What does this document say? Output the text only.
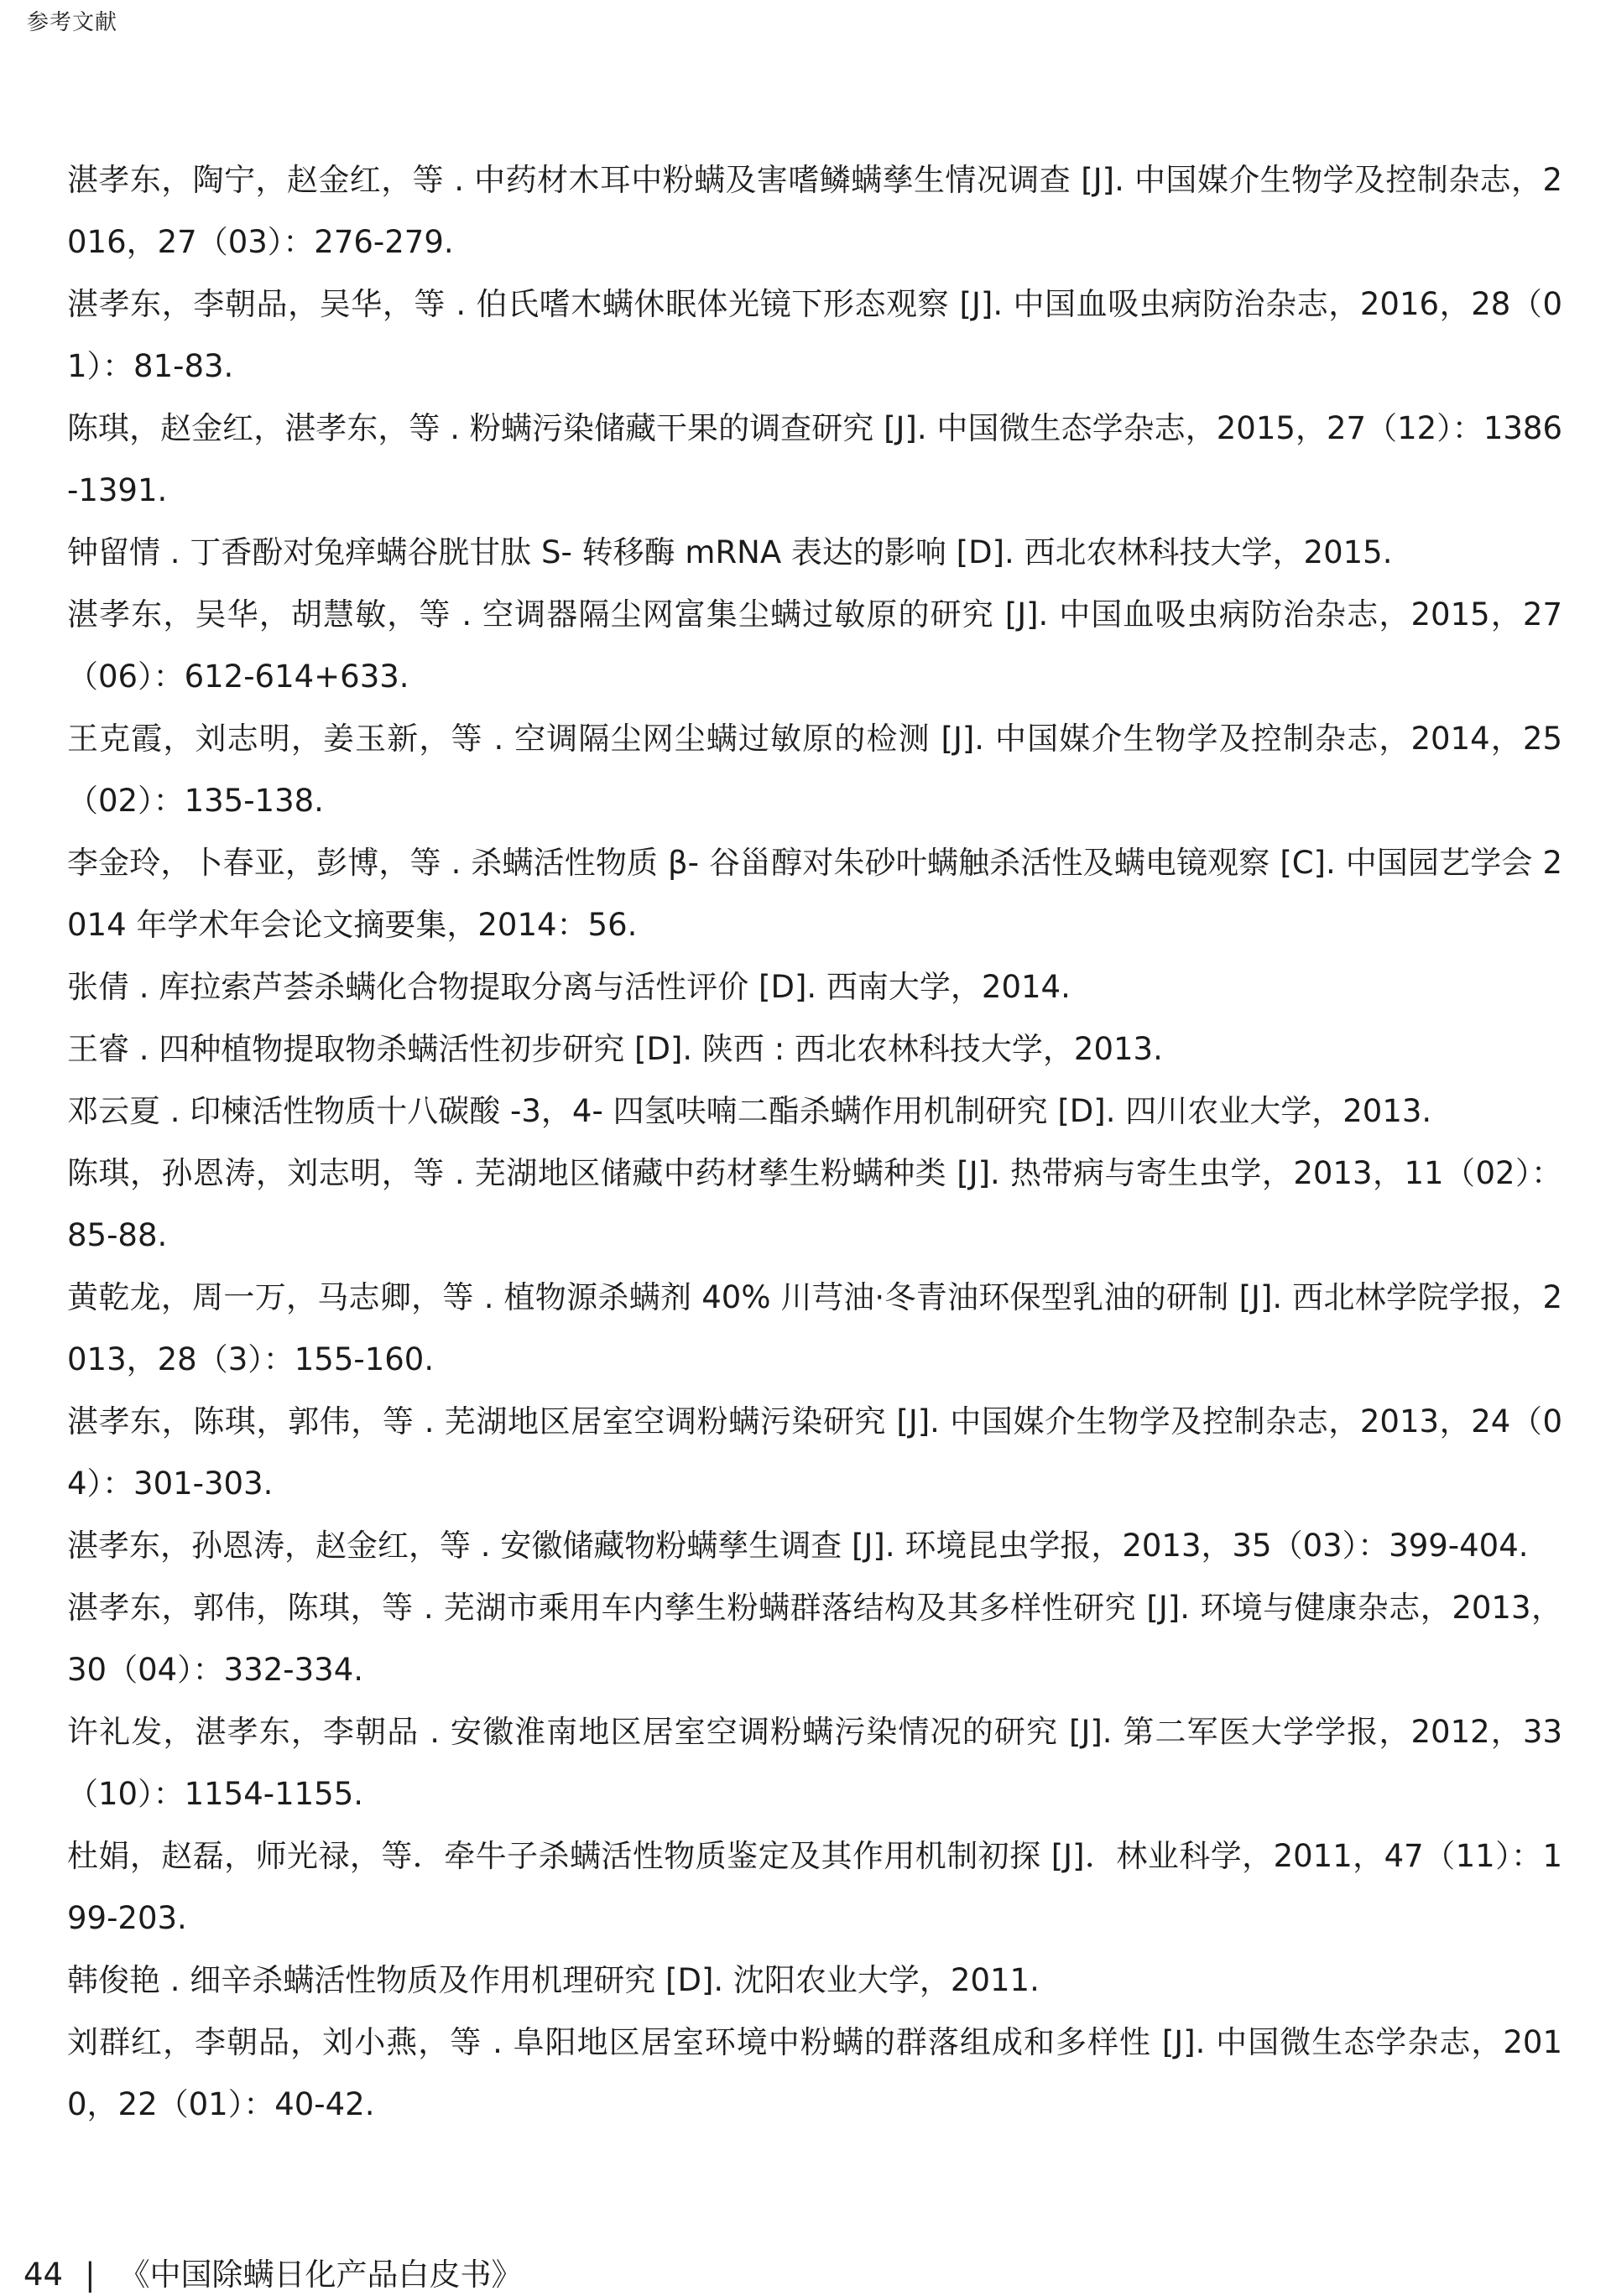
参考文献
湛孝东，陶宁，赵金红，等 . 中药材木耳中粉螨及害嗜鳞螨孳生情况调查 [J]. 中国媒介生物学及控制杂志，2016，27（03）：276-279.
湛孝东，李朝品，吴华，等 . 伯氏嗜木螨休眠体光镜下形态观察 [J]. 中国血吸虫病防治杂志，2016，28（01）：81-83.
陈琪，赵金红，湛孝东，等 . 粉螨污染储藏干果的调查研究 [J]. 中国微生态学杂志，2015，27（12）：1386-1391.
钟留情 . 丁香酚对兔痒螨谷胱甘肽 S- 转移酶 mRNA 表达的影响 [D]. 西北农林科技大学，2015.
湛孝东，吴华，胡慧敏，等 . 空调器隔尘网富集尘螨过敏原的研究 [J]. 中国血吸虫病防治杂志，2015，27（06）：612-614+633.
王克霞，刘志明，姜玉新，等 . 空调隔尘网尘螨过敏原的检测 [J]. 中国媒介生物学及控制杂志，2014，25（02）：135-138.
李金玲，卜春亚，彭博，等 . 杀螨活性物质 β- 谷甾醇对朱砂叶螨触杀活性及螨电镜观察 [C]. 中国园艺学会 2014 年学术年会论文摘要集，2014：56.
张倩 . 库拉索芦荟杀螨化合物提取分离与活性评价 [D]. 西南大学，2014.
王睿 . 四种植物提取物杀螨活性初步研究 [D]. 陕西 : 西北农林科技大学，2013.
邓云夏 . 印楝活性物质十八碳酸 -3，4- 四氢呋喃二酯杀螨作用机制研究 [D]. 四川农业大学，2013.
陈琪，孙恩涛，刘志明，等 . 芜湖地区储藏中药材孳生粉螨种类 [J]. 热带病与寄生虫学，2013，11（02）：85-88.
黄乾龙，周一万，马志卿，等 . 植物源杀螨剂 40% 川芎油·冬青油环保型乳油的研制 [J]. 西北林学院学报，2013，28（3）：155-160.
湛孝东，陈琪，郭伟，等 . 芜湖地区居室空调粉螨污染研究 [J]. 中国媒介生物学及控制杂志，2013，24（04）：301-303.
湛孝东，孙恩涛，赵金红，等 . 安徽储藏物粉螨孳生调查 [J]. 环境昆虫学报，2013，35（03）：399-404.
湛孝东，郭伟，陈琪，等 . 芜湖市乘用车内孳生粉螨群落结构及其多样性研究 [J]. 环境与健康杂志，2013，30（04）：332-334.
许礼发，湛孝东，李朝品 . 安徽淮南地区居室空调粉螨污染情况的研究 [J]. 第二军医大学学报，2012，33（10）：1154-1155.
杜娟，赵磊，师光禄，等．牵牛子杀螨活性物质鉴定及其作用机制初探 [J]．林业科学，2011，47（11）：199-203.
韩俊艳 . 细辛杀螨活性物质及作用机理研究 [D]. 沈阳农业大学，2011.
刘群红，李朝品，刘小燕，等 . 阜阳地区居室环境中粉螨的群落组成和多样性 [J]. 中国微生态学杂志，2010，22（01）：40-42.
44 | 《中国除螨日化产品白皮书》
